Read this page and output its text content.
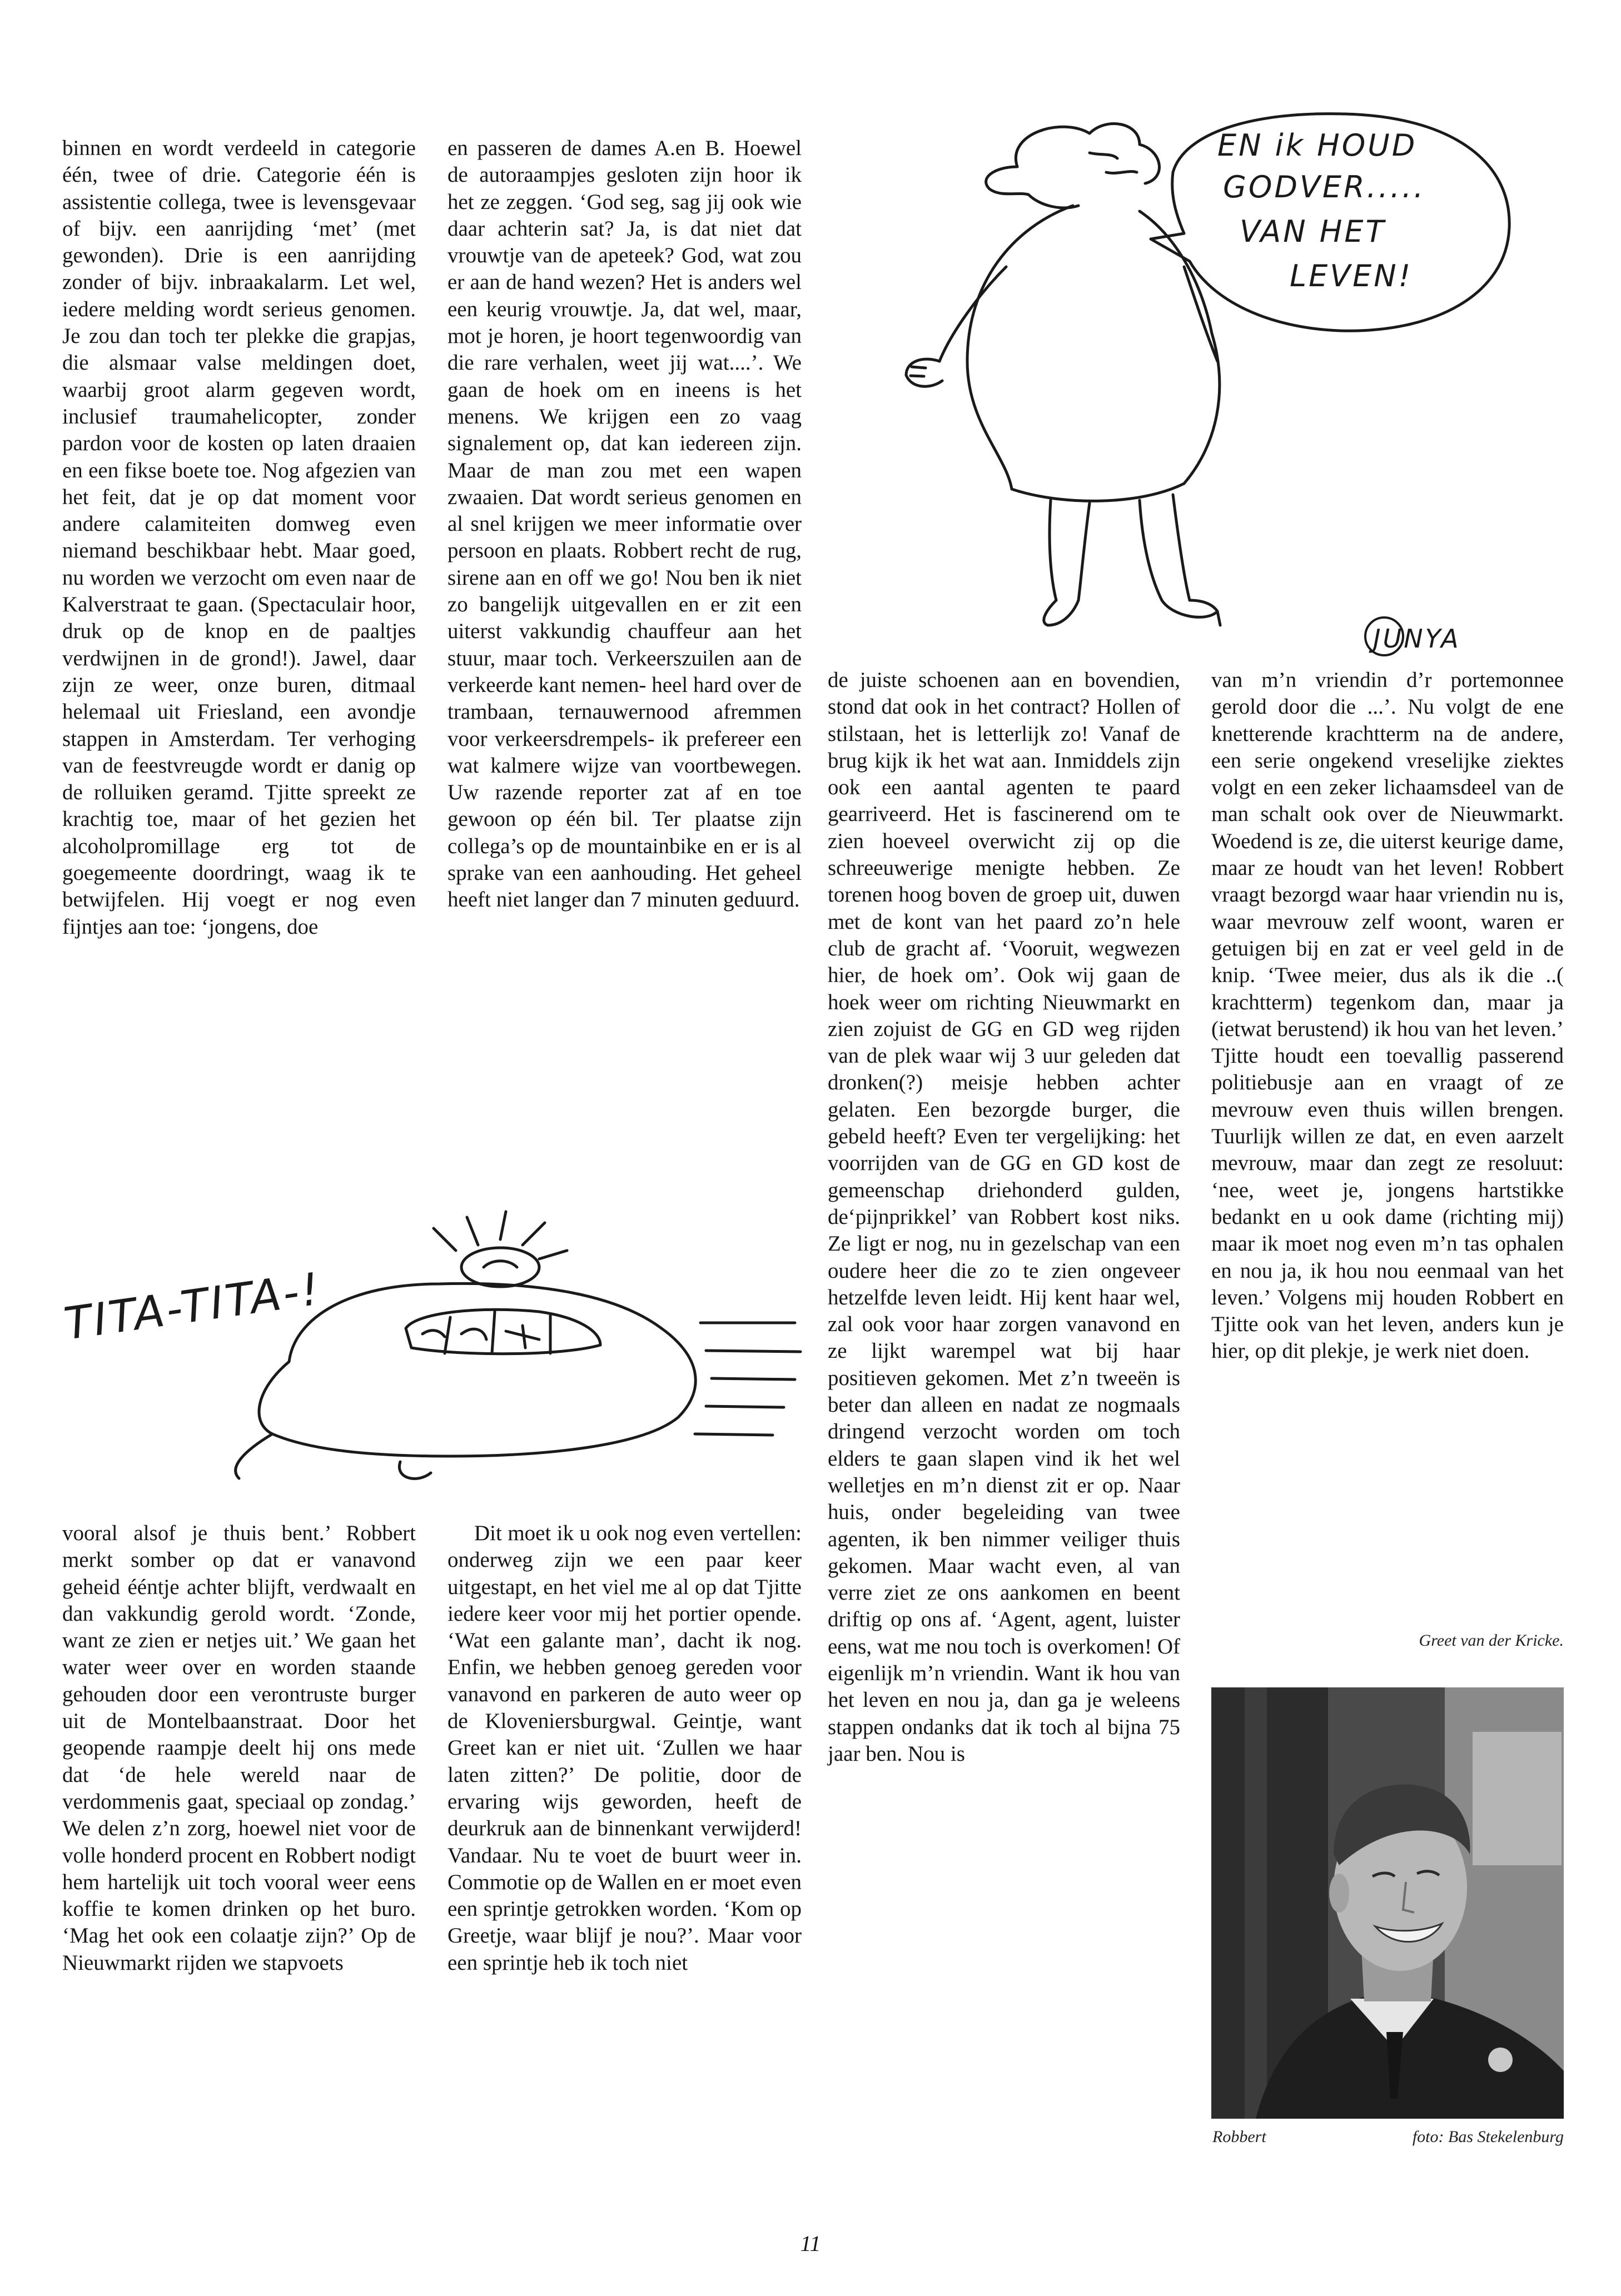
binnen en wordt verdeeld in categorie één, twee of drie. Categorie één is assistentie collega, twee is levensgevaar of bijv. een aanrijding ‘met’ (met gewonden). Drie is een aanrijding zonder of bijv. inbraakalarm. Let wel, iedere melding wordt serieus genomen. Je zou dan toch ter plekke die grapjas, die alsmaar valse meldingen doet, waarbij groot alarm gegeven wordt, inclusief traumahelicopter, zonder pardon voor de kosten op laten draaien en een fikse boete toe. Nog afgezien van het feit, dat je op dat moment voor andere calamiteiten domweg even niemand beschikbaar hebt. Maar goed, nu worden we verzocht om even naar de Kalverstraat te gaan. (Spectaculair hoor, druk op de knop en de paaltjes verdwijnen in de grond!). Jawel, daar zijn ze weer, onze buren, ditmaal helemaal uit Friesland, een avondje stappen in Amsterdam. Ter verhoging van de feestvreugde wordt er danig op de rolluiken geramd. Tjitte spreekt ze krachtig toe, maar of het gezien het alcoholpromillage erg tot de goegemeente doordringt, waag ik te betwijfelen. Hij voegt er nog even fijntjes aan toe: ‘jongens, doe
en passeren de dames A.en B. Hoewel de autoraampjes gesloten zijn hoor ik het ze zeggen. ‘God seg, sag jij ook wie daar achterin sat? Ja, is dat niet dat vrouwtje van de apeteek? God, wat zou er aan de hand wezen? Het is anders wel een keurig vrouwtje. Ja, dat wel, maar, mot je horen, je hoort tegenwoordig van die rare verhalen, weet jij wat....’. We gaan de hoek om en ineens is het menens. We krijgen een zo vaag signalement op, dat kan iedereen zijn. Maar de man zou met een wapen zwaaien. Dat wordt serieus genomen en al snel krijgen we meer informatie over persoon en plaats. Robbert recht de rug, sirene aan en off we go! Nou ben ik niet zo bangelijk uitgevallen en er zit een uiterst vakkundig chauffeur aan het stuur, maar toch. Verkeerszuilen aan de verkeerde kant nemen- heel hard over de trambaan, ternauwernood afremmen voor verkeersdrempels- ik prefereer een wat kalmere wijze van voortbewegen. Uw razende reporter zat af en toe gewoon op één bil. Ter plaatse zijn collega’s op de mountainbike en er is al sprake van een aanhouding. Het geheel heeft niet langer dan 7 minuten geduurd.
vooral alsof je thuis bent.’ Robbert merkt somber op dat er vanavond geheid ééntje achter blijft, verdwaalt en dan vakkundig gerold wordt. ‘Zonde, want ze zien er netjes uit.’ We gaan het water weer over en worden staande gehouden door een verontruste burger uit de Montelbaanstraat. Door het geopende raampje deelt hij ons mede dat ‘de hele wereld naar de verdommenis gaat, speciaal op zondag.’ We delen z’n zorg, hoewel niet voor de volle honderd procent en Robbert nodigt hem hartelijk uit toch vooral weer eens koffie te komen drinken op het buro. ‘Mag het ook een colaatje zijn?’ Op de Nieuwmarkt rijden we stapvoets
Dit moet ik u ook nog even vertellen: onderweg zijn we een paar keer uitgestapt, en het viel me al op dat Tjitte iedere keer voor mij het portier opende. ‘Wat een galante man’, dacht ik nog. Enfin, we hebben genoeg gereden voor vanavond en parkeren de auto weer op de Kloveniersburgwal. Geintje, want Greet kan er niet uit. ‘Zullen we haar laten zitten?’ De politie, door de ervaring wijs geworden, heeft de deurkruk aan de binnenkant verwijderd! Vandaar. Nu te voet de buurt weer in. Commotie op de Wallen en er moet even een sprintje getrokken worden. ‘Kom op Greetje, waar blijf je nou?’. Maar voor een sprintje heb ik toch niet
de juiste schoenen aan en bovendien, stond dat ook in het contract? Hollen of stilstaan, het is letterlijk zo! Vanaf de brug kijk ik het wat aan. Inmiddels zijn ook een aantal agenten te paard gearriveerd. Het is fascinerend om te zien hoeveel overwicht zij op die schreeuwerige menigte hebben. Ze torenen hoog boven de groep uit, duwen met de kont van het paard zo’n hele club de gracht af. ‘Vooruit, wegwezen hier, de hoek om’. Ook wij gaan de hoek weer om richting Nieuwmarkt en zien zojuist de GG en GD weg rijden van de plek waar wij 3 uur geleden dat dronken(?) meisje hebben achter gelaten. Een bezorgde burger, die gebeld heeft? Even ter vergelijking: het voorrijden van de GG en GD kost de gemeenschap driehonderd gulden, de‘pijnprikkel’ van Robbert kost niks. Ze ligt er nog, nu in gezelschap van een oudere heer die zo te zien ongeveer hetzelfde leven leidt. Hij kent haar wel, zal ook voor haar zorgen vanavond en ze lijkt warempel wat bij haar positieven gekomen. Met z’n tweeën is beter dan alleen en nadat ze nogmaals dringend verzocht worden om toch elders te gaan slapen vind ik het wel welletjes en m’n dienst zit er op. Naar huis, onder begeleiding van twee agenten, ik ben nimmer veiliger thuis gekomen. Maar wacht even, al van verre ziet ze ons aankomen en beent driftig op ons af. ‘Agent, agent, luister eens, wat me nou toch is overkomen! Of eigenlijk m’n vriendin. Want ik hou van het leven en nou ja, dan ga je weleens stappen ondanks dat ik toch al bijna 75 jaar ben. Nou is
van m’n vriendin d’r portemonnee gerold door die ...’. Nu volgt de ene knetterende krachtterm na de andere, een serie ongekend vreselijke ziektes volgt en een zeker lichaamsdeel van de man schalt ook over de Nieuwmarkt. Woedend is ze, die uiterst keurige dame, maar ze houdt van het leven! Robbert vraagt bezorgd waar haar vriendin nu is, waar mevrouw zelf woont, waren er getuigen bij en zat er veel geld in de knip. ‘Twee meier, dus als ik die ..( krachtterm) tegenkom dan, maar ja (ietwat berustend) ik hou van het leven.’ Tjitte houdt een toevallig passerend politiebusje aan en vraagt of ze mevrouw even thuis willen brengen. Tuurlijk willen ze dat, en even aarzelt mevrouw, maar dan zegt ze resoluut: ‘nee, weet je, jongens hartstikke bedankt en u ook dame (richting mij) maar ik moet nog even m’n tas ophalen en nou ja, ik hou nou eenmaal van het leven.’ Volgens mij houden Robbert en Tjitte ook van het leven, anders kun je hier, op dit plekje, je werk niet doen.
EN ik HOUD
GODVER.....
VAN HET
LEVEN!
JUNYA
TITA-TITA-!
Greet van der Kricke.
Robbert	foto: Bas Stekelenburg
11
